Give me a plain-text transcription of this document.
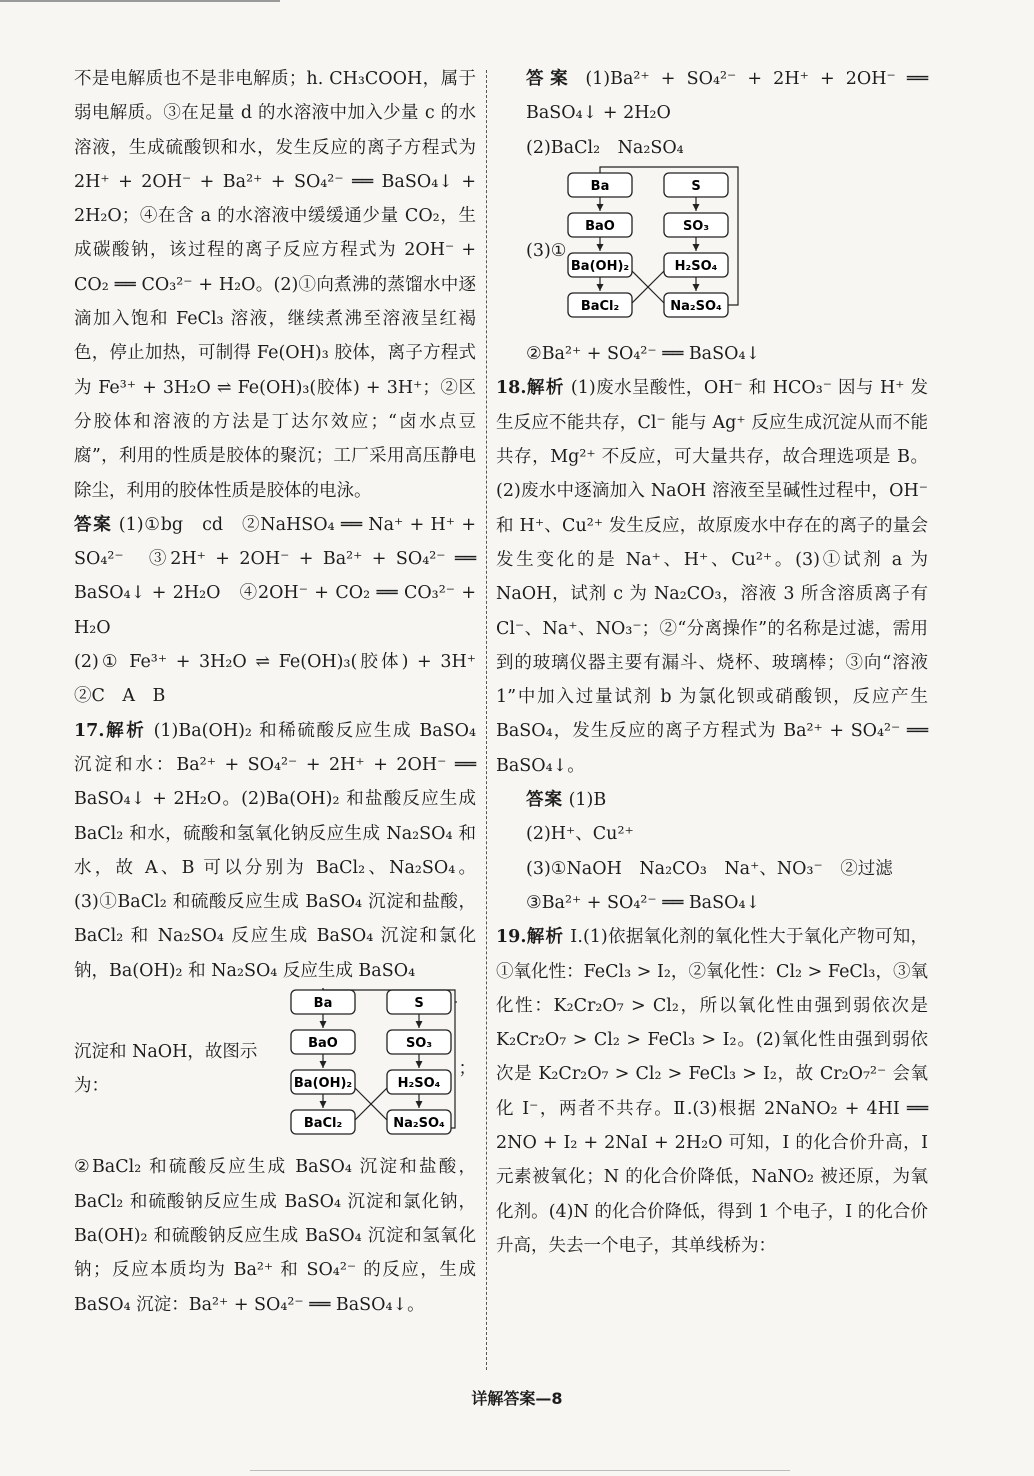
不是电解质也不是非电解质；h. CH₃COOH，属于弱电解质。③在足量 d 的水溶液中加入少量 c 的水溶液，生成硫酸钡和水，发生反应的离子方程式为 2H⁺ + 2OH⁻ + Ba²⁺ + SO₄²⁻ ══ BaSO₄↓ + 2H₂O；④在含 a 的水溶液中缓缓通少量 CO₂，生成碳酸钠，该过程的离子反应方程式为 2OH⁻ + CO₂ ══ CO₃²⁻ + H₂O。(2)①向煮沸的蒸馏水中逐滴加入饱和 FeCl₃ 溶液，继续煮沸至溶液呈红褐色，停止加热，可制得 Fe(OH)₃ 胶体，离子方程式为 Fe³⁺ + 3H₂O ⇌ Fe(OH)₃(胶体) + 3H⁺；②区分胶体和溶液的方法是丁达尔效应；“卤水点豆腐”，利用的性质是胶体的聚沉；工厂采用高压静电除尘，利用的胶体性质是胶体的电泳。

答案 (1)①bg　cd　②NaHSO₄ ══ Na⁺ + H⁺ + SO₄²⁻　③2H⁺ + 2OH⁻ + Ba²⁺ + SO₄²⁻ ══ BaSO₄↓ + 2H₂O　④2OH⁻ + CO₂ ══ CO₃²⁻ + H₂O

(2)① Fe³⁺ + 3H₂O ⇌ Fe(OH)₃(胶体) + 3H⁺　②C　A　B

17.解析 (1)Ba(OH)₂ 和稀硫酸反应生成 BaSO₄ 沉淀和水：Ba²⁺ + SO₄²⁻ + 2H⁺ + 2OH⁻ ══ BaSO₄↓ + 2H₂O。(2)Ba(OH)₂ 和盐酸反应生成 BaCl₂ 和水，硫酸和氢氧化钠反应生成 Na₂SO₄ 和水，故 A、B 可以分别为 BaCl₂、Na₂SO₄。(3)①BaCl₂ 和硫酸反应生成 BaSO₄ 沉淀和盐酸，BaCl₂ 和 Na₂SO₄ 反应生成 BaSO₄ 沉淀和氯化钠，Ba(OH)₂ 和 Na₂SO₄ 反应生成 BaSO₄

沉淀和 NaOH，故图示为：
Ba
BaO
Ba(OH)₂
BaCl₂
S
SO₃
H₂SO₄
Na₂SO₄
；

②BaCl₂ 和硫酸反应生成 BaSO₄ 沉淀和盐酸，BaCl₂ 和硫酸钠反应生成 BaSO₄ 沉淀和氯化钠，Ba(OH)₂ 和硫酸钠反应生成 BaSO₄ 沉淀和氢氧化钠；反应本质均为 Ba²⁺ 和 SO₄²⁻ 的反应，生成 BaSO₄ 沉淀：Ba²⁺ + SO₄²⁻ ══ BaSO₄↓。

答案 (1)Ba²⁺ + SO₄²⁻ + 2H⁺ + 2OH⁻ ══ BaSO₄↓ + 2H₂O

(2)BaCl₂　Na₂SO₄

(3)①
Ba
BaO
Ba(OH)₂
BaCl₂
S
SO₃
H₂SO₄
Na₂SO₄

②Ba²⁺ + SO₄²⁻ ══ BaSO₄↓

18.解析 (1)废水呈酸性，OH⁻ 和 HCO₃⁻ 因与 H⁺ 发生反应不能共存，Cl⁻ 能与 Ag⁺ 反应生成沉淀从而不能共存，Mg²⁺ 不反应，可大量共存，故合理选项是 B。(2)废水中逐滴加入 NaOH 溶液至呈碱性过程中，OH⁻ 和 H⁺、Cu²⁺ 发生反应，故原废水中存在的离子的量会发生变化的是 Na⁺、H⁺、Cu²⁺。(3)①试剂 a 为 NaOH，试剂 c 为 Na₂CO₃，溶液 3 所含溶质离子有 Cl⁻、Na⁺、NO₃⁻；②“分离操作”的名称是过滤，需用到的玻璃仪器主要有漏斗、烧杯、玻璃棒；③向“溶液 1”中加入过量试剂 b 为氯化钡或硝酸钡，反应产生 BaSO₄，发生反应的离子方程式为 Ba²⁺ + SO₄²⁻ ══ BaSO₄↓。

答案 (1)B

(2)H⁺、Cu²⁺

(3)①NaOH　Na₂CO₃　Na⁺、NO₃⁻　②过滤

③Ba²⁺ + SO₄²⁻ ══ BaSO₄↓

19.解析 Ⅰ.(1)依据氧化剂的氧化性大于氧化产物可知，①氧化性：FeCl₃ > I₂，②氧化性：Cl₂ > FeCl₃，③氧化性：K₂Cr₂O₇ > Cl₂，所以氧化性由强到弱依次是 K₂Cr₂O₇ > Cl₂ > FeCl₃ > I₂。(2)氧化性由强到弱依次是 K₂Cr₂O₇ > Cl₂ > FeCl₃ > I₂，故 Cr₂O₇²⁻ 会氧化 I⁻，两者不共存。Ⅱ.(3)根据 2NaNO₂ + 4HI ══ 2NO + I₂ + 2NaI + 2H₂O 可知，I 的化合价升高，I 元素被氧化；N 的化合价降低，NaNO₂ 被还原，为氧化剂。(4)N 的化合价降低，得到 1 个电子，I 的化合价升高，失去一个电子，其单线桥为：

详解答案—8
